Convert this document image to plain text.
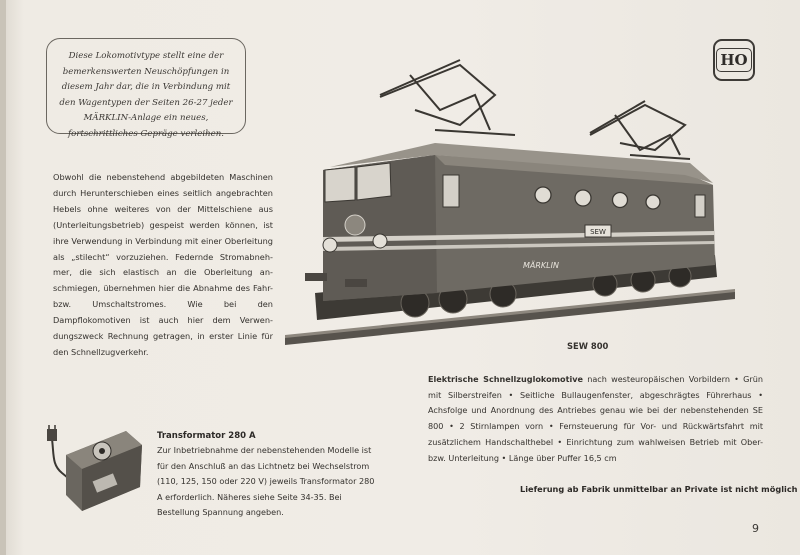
Diese Lokomotivtype stellt eine der bemerkenswerten Neuschöpfungen in diesem Jahr dar, die in Verbindung mit den Wagentypen der Seiten 26-27 jeder MÄRKLIN-Anlage ein neues, fortschrittliches Gepräge verleihen.
HO
Obwohl die nebenstehend abgebildeten Maschinen durch Herunterschieben eines seitlich angebrachten Hebels ohne weiteres von der Mittelschiene aus (Unterleitungsbetrieb) gespeist werden können, ist ihre Verwendung in Verbindung mit einer Oberleitung als „stilecht“ vorzuziehen. Federnde Stromabnehmer, die sich elastisch an die Oberleitung anschmiegen, übernehmen hier die Abnahme des Fahr- bzw. Umschaltstromes. Wie bei den Dampflokomotiven ist auch hier dem Verwendungszweck Rechnung getragen, in erster Linie für den Schnellzugverkehr.
SEW
MÄRKLIN
SEW 800
Elektrische Schnellzuglokomotive nach westeuropäischen Vorbildern • Grün mit Silberstreifen • Seitliche Bullaugenfenster, abgeschrägtes Führerhaus • Achsfolge und Anordnung des Antriebes genau wie bei der nebenstehenden SE 800 • 2 Stirnlampen vorn • Fernsteuerung für Vor- und Rückwärtsfahrt mit zusätzlichem Handschalthebel • Einrichtung zum wahlweisen Betrieb mit Ober- bzw. Unterleitung • Länge über Puffer 16,5 cm
Transformator 280 A
Zur Inbetriebnahme der nebenstehenden Modelle ist für den Anschluß an das Lichtnetz bei Wechselstrom (110, 125, 150 oder 220 V) jeweils Transformator 280 A erforderlich. Näheres siehe Seite 34-35. Bei Bestellung Spannung angeben.
Lieferung ab Fabrik unmittelbar an Private ist nicht möglich
9
